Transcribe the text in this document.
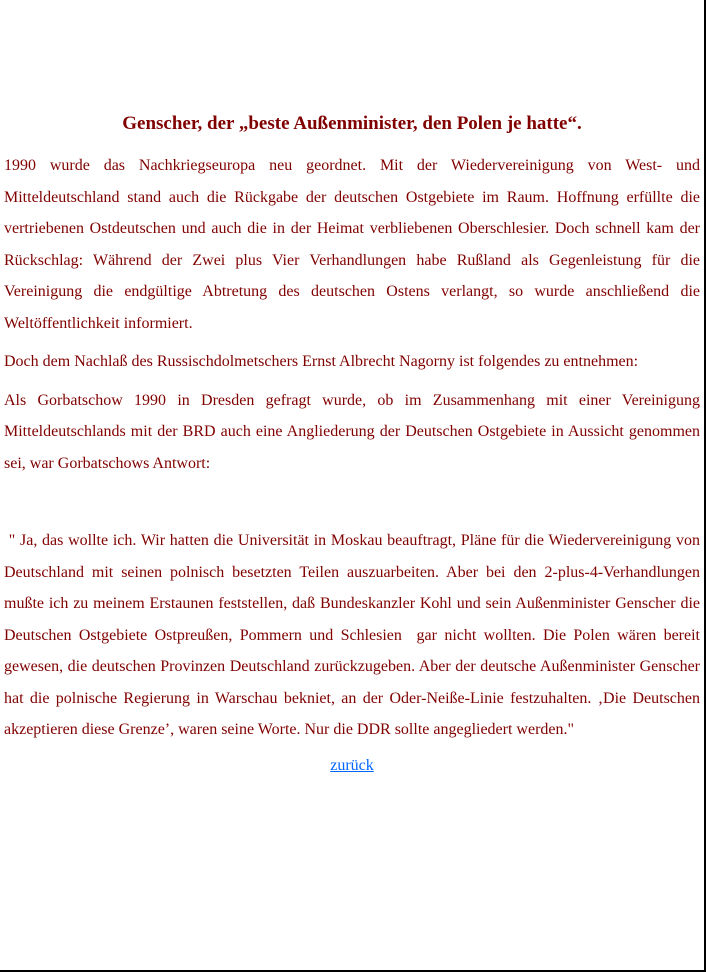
Genscher, der „beste Außenminister, den Polen je hatte“.

1990 wurde das Nachkriegseuropa neu geordnet. Mit der Wiedervereinigung von West- und Mitteldeutschland stand auch die Rückgabe der deutschen Ostgebiete im Raum. Hoffnung erfüllte die vertriebenen Ostdeutschen und auch die in der Heimat verbliebenen Oberschlesier. Doch schnell kam der Rückschlag: Während der Zwei plus Vier Verhandlungen habe Rußland als Gegenleistung für die Vereinigung die endgültige Abtretung des deutschen Ostens verlangt, so wurde anschließend die Weltöffentlichkeit informiert.

Doch dem Nachlaß des Russischdolmetschers Ernst Albrecht Nagorny ist folgendes zu entnehmen:

Als Gorbatschow 1990 in Dresden gefragt wurde, ob im Zusammenhang mit einer Vereinigung Mitteldeutschlands mit der BRD auch eine Angliederung der Deutschen Ostgebiete in Aussicht genommen sei, war Gorbatschows Antwort:

" Ja, das wollte ich. Wir hatten die Universität in Moskau beauftragt, Pläne für die Wiedervereinigung von Deutschland mit seinen polnisch besetzten Teilen auszuarbeiten. Aber bei den 2-plus-4-Verhandlungen mußte ich zu meinem Erstaunen feststellen, daß Bundeskanzler Kohl und sein Außenminister Genscher die Deutschen Ostgebiete Ostpreußen, Pommern und Schlesien  gar nicht wollten. Die Polen wären bereit gewesen, die deutschen Provinzen Deutschland zurückzugeben. Aber der deutsche Außenminister Genscher hat die polnische Regierung in Warschau bekniet, an der Oder-Neiße-Linie festzuhalten. ‚Die Deutschen akzeptieren diese Grenze’, waren seine Worte. Nur die DDR sollte angegliedert werden."

zurück
